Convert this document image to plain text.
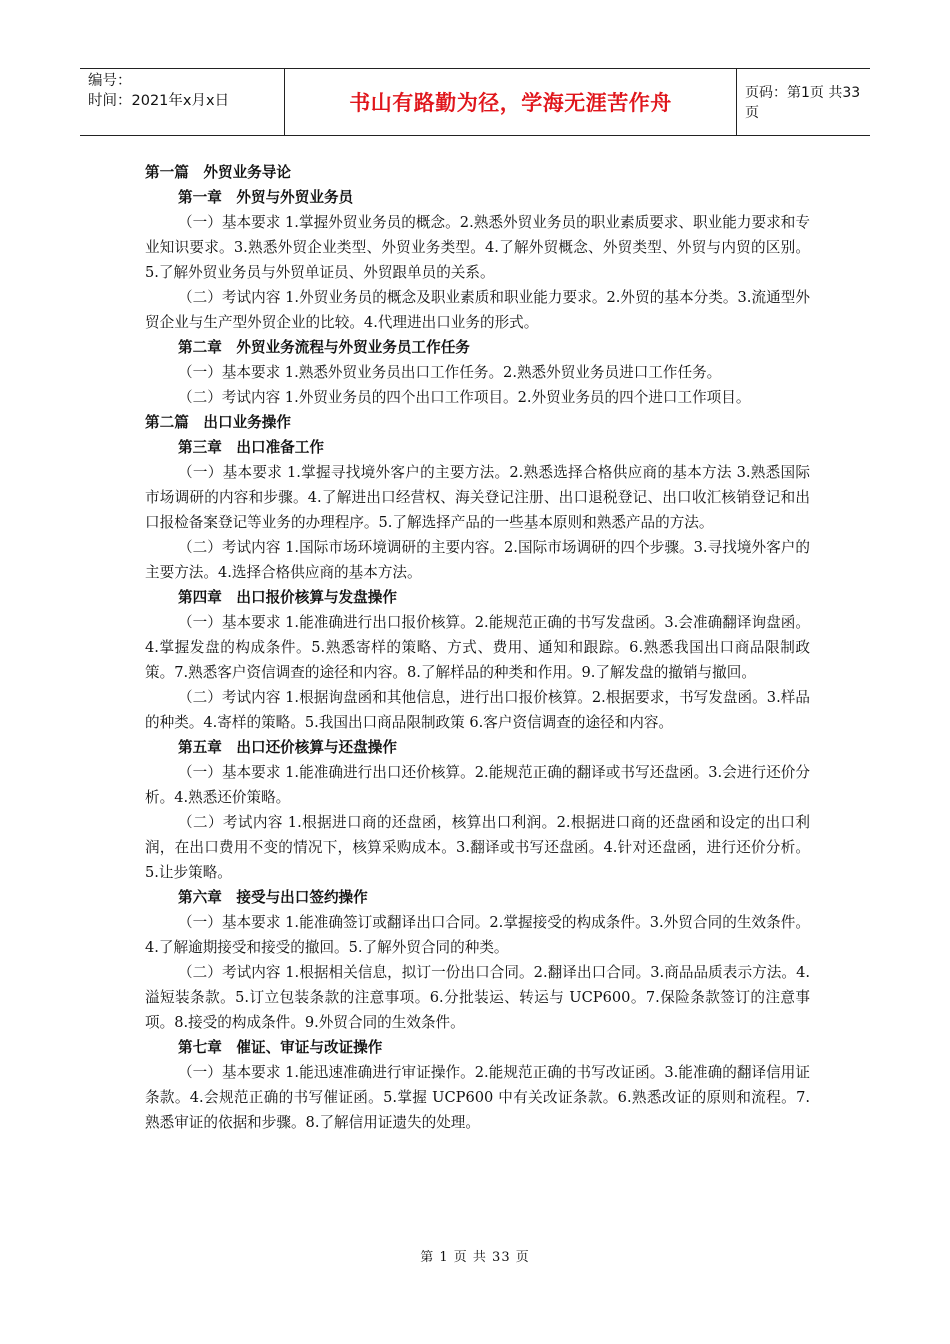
编号：
时间：2021年x月x日	书山有路勤为径，学海无涯苦作舟	页码：第1页 共33页

第一篇　外贸业务导论

第一章　外贸与外贸业务员

（一）基本要求 1.掌握外贸业务员的概念。2.熟悉外贸业务员的职业素质要求、职业能力要求和专业知识要求。3.熟悉外贸企业类型、外贸业务类型。4.了解外贸概念、外贸类型、外贸与内贸的区别。5.了解外贸业务员与外贸单证员、外贸跟单员的关系。

（二）考试内容 1.外贸业务员的概念及职业素质和职业能力要求。2.外贸的基本分类。3.流通型外贸企业与生产型外贸企业的比较。4.代理进出口业务的形式。

第二章　外贸业务流程与外贸业务员工作任务

（一）基本要求 1.熟悉外贸业务员出口工作任务。2.熟悉外贸业务员进口工作任务。

（二）考试内容 1.外贸业务员的四个出口工作项目。2.外贸业务员的四个进口工作项目。

第二篇　出口业务操作

第三章　出口准备工作

（一）基本要求 1.掌握寻找境外客户的主要方法。2.熟悉选择合格供应商的基本方法 3.熟悉国际市场调研的内容和步骤。4.了解进出口经营权、海关登记注册、出口退税登记、出口收汇核销登记和出口报检备案登记等业务的办理程序。5.了解选择产品的一些基本原则和熟悉产品的方法。

（二）考试内容 1.国际市场环境调研的主要内容。2.国际市场调研的四个步骤。3.寻找境外客户的主要方法。4.选择合格供应商的基本方法。

第四章　出口报价核算与发盘操作

（一）基本要求 1.能准确进行出口报价核算。2.能规范正确的书写发盘函。3.会准确翻译询盘函。4.掌握发盘的构成条件。5.熟悉寄样的策略、方式、费用、通知和跟踪。6.熟悉我国出口商品限制政策。7.熟悉客户资信调查的途径和内容。8.了解样品的种类和作用。9.了解发盘的撤销与撤回。

（二）考试内容 1.根据询盘函和其他信息，进行出口报价核算。2.根据要求，书写发盘函。3.样品的种类。4.寄样的策略。5.我国出口商品限制政策 6.客户资信调查的途径和内容。

第五章　出口还价核算与还盘操作

（一）基本要求 1.能准确进行出口还价核算。2.能规范正确的翻译或书写还盘函。3.会进行还价分析。4.熟悉还价策略。

（二）考试内容 1.根据进口商的还盘函，核算出口利润。2.根据进口商的还盘函和设定的出口利润，在出口费用不变的情况下，核算采购成本。3.翻译或书写还盘函。4.针对还盘函，进行还价分析。5.让步策略。

第六章　接受与出口签约操作

（一）基本要求 1.能准确签订或翻译出口合同。2.掌握接受的构成条件。3.外贸合同的生效条件。4.了解逾期接受和接受的撤回。5.了解外贸合同的种类。

（二）考试内容 1.根据相关信息，拟订一份出口合同。2.翻译出口合同。3.商品品质表示方法。4.溢短装条款。5.订立包装条款的注意事项。6.分批装运、转运与 UCP600。7.保险条款签订的注意事项。8.接受的构成条件。9.外贸合同的生效条件。

第七章　催证、审证与改证操作

（一）基本要求 1.能迅速准确进行审证操作。2.能规范正确的书写改证函。3.能准确的翻译信用证条款。4.会规范正确的书写催证函。5.掌握 UCP600 中有关改证条款。6.熟悉改证的原则和流程。7.熟悉审证的依据和步骤。8.了解信用证遗失的处理。

第 1 页 共 33 页
